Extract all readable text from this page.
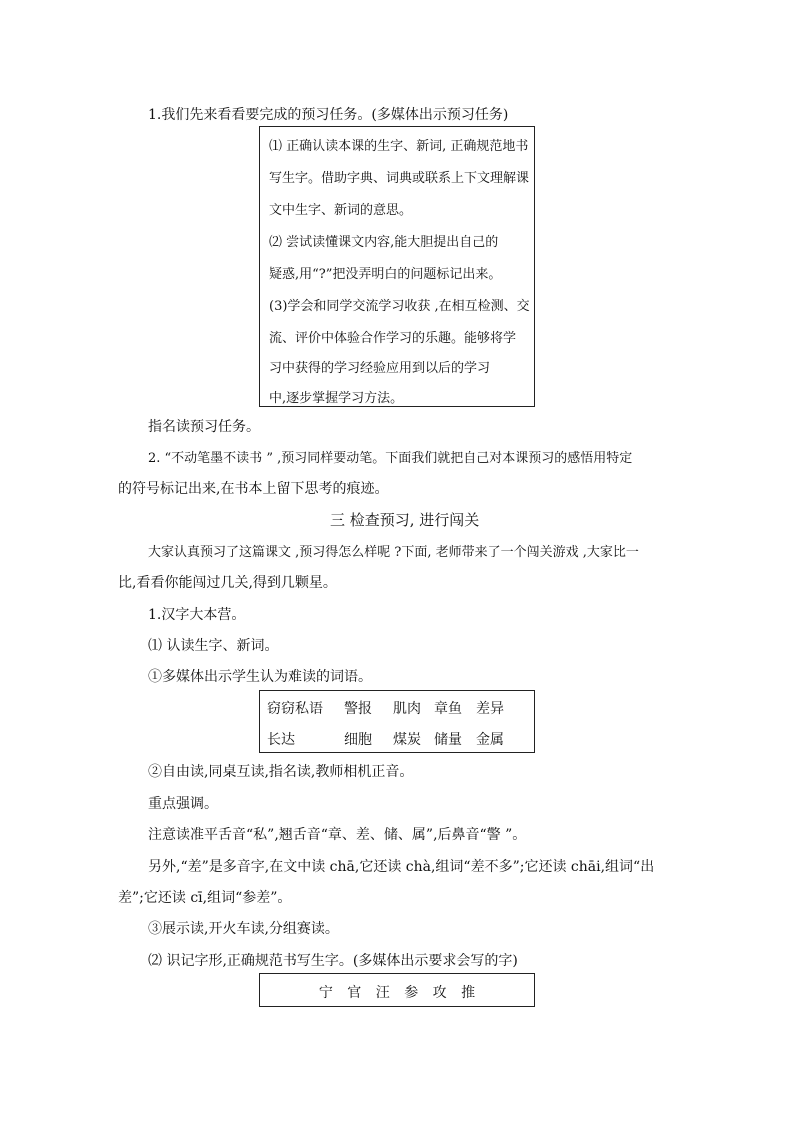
1.我们先来看看要完成的预习任务。(多媒体出示预习任务)
⑴ 正确认读本课的生字、新词, 正确规范地书
写生字。借助字典、词典或联系上下文理解课
文中生字、新词的意思。
⑵ 尝试读懂课文内容,能大胆提出自己的
疑惑,用“?”把没弄明白的问题标记出来。
(3)学会和同学交流学习收获 ,在相互检测、交
流、评价中体验合作学习的乐趣。能够将学
习中获得的学习经验应用到以后的学习
中,逐步掌握学习方法。
指名读预习任务。
2. “不动笔墨不读书 ” ,预习同样要动笔。下面我们就把自己对本课预习的感悟用特定
的符号标记出来,在书本上留下思考的痕迹。
三 检查预习, 进行闯关
大家认真预习了这篇课文 ,预习得怎么样呢 ?下面, 老师带来了一个闯关游戏 ,大家比一
比,看看你能闯过几关,得到几颗星。
1.汉字大本营。
⑴ 认读生字、新词。
①多媒体出示学生认为难读的词语。
窃窃私语 警报 肌肉 章鱼 差异
长达	细胞 煤炭 储量 金属
②自由读,同桌互读,指名读,教师相机正音。
重点强调。
注意读准平舌音“私”,翘舌音“章、差、储、属”,后鼻音“警 ”。
另外,“差”是多音字,在文中读 chā,它还读 chà,组词“差不多”;它还读 chāi,组词“出
差”;它还读 cī,组词“参差”。
③展示读,开火车读,分组赛读。
⑵ 识记字形,正确规范书写生字。(多媒体出示要求会写的字)
宁 官 汪 参 攻 推
